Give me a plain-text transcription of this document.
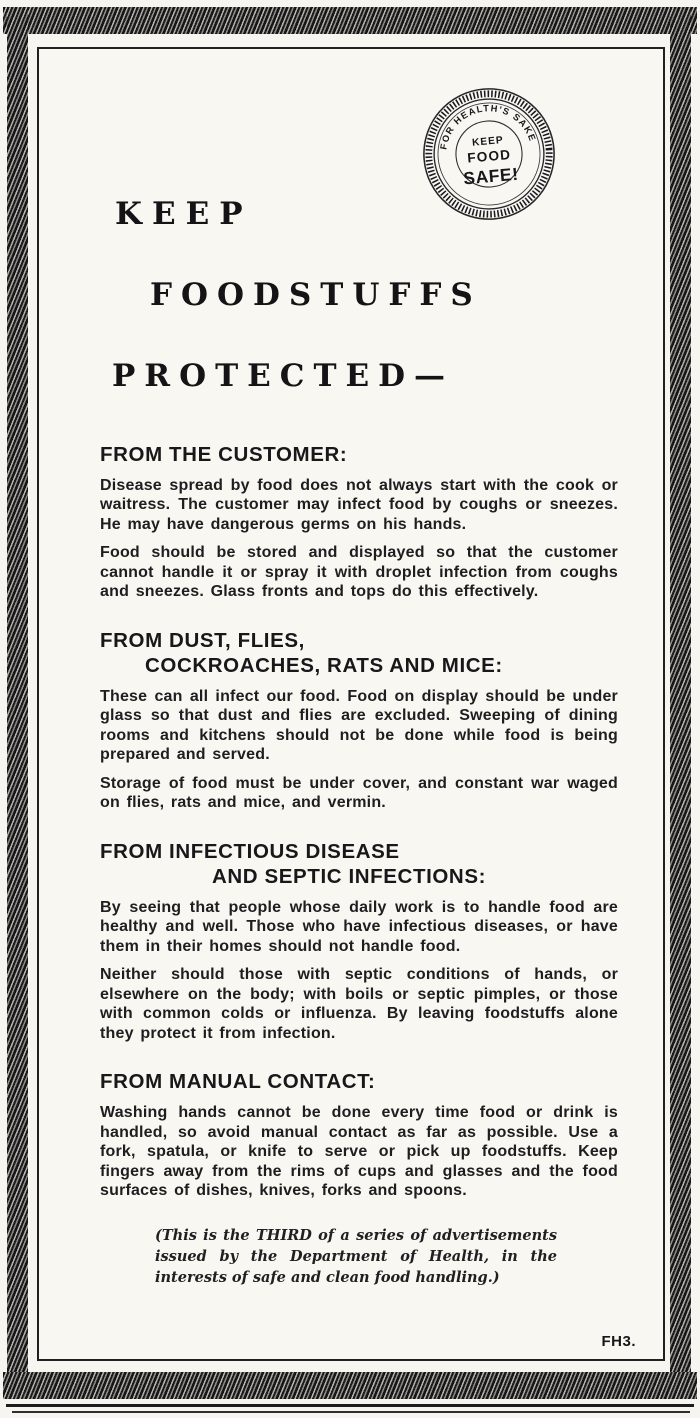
FOR HEALTH'S SAKE
KEEP
FOOD
SAFE!
KEEP
FOODSTUFFS
PROTECTED—
FROM THE CUSTOMER:
Disease spread by food does not always start with the cook or waitress. The customer may infect food by coughs or sneezes. He may have dangerous germs on his hands.
Food should be stored and displayed so that the customer cannot handle it or spray it with droplet infection from coughs and sneezes. Glass fronts and tops do this effectively.
FROM DUST, FLIES,
COCKROACHES, RATS AND MICE:
These can all infect our food. Food on display should be under glass so that dust and flies are excluded. Sweeping of dining rooms and kitchens should not be done while food is being prepared and served.
Storage of food must be under cover, and constant war waged on flies, rats and mice, and vermin.
FROM INFECTIOUS DISEASE
AND SEPTIC INFECTIONS:
By seeing that people whose daily work is to handle food are healthy and well. Those who have infectious diseases, or have them in their homes should not handle food.
Neither should those with septic conditions of hands, or elsewhere on the body; with boils or septic pimples, or those with common colds or influenza. By leaving foodstuffs alone they protect it from infection.
FROM MANUAL CONTACT:
Washing hands cannot be done every time food or drink is handled, so avoid manual contact as far as possible. Use a fork, spatula, or knife to serve or pick up foodstuffs. Keep fingers away from the rims of cups and glasses and the food surfaces of dishes, knives, forks and spoons.
(This is the THIRD of a series of advertisements issued by the Department of Health, in the interests of safe and clean food handling.)
FH3.
